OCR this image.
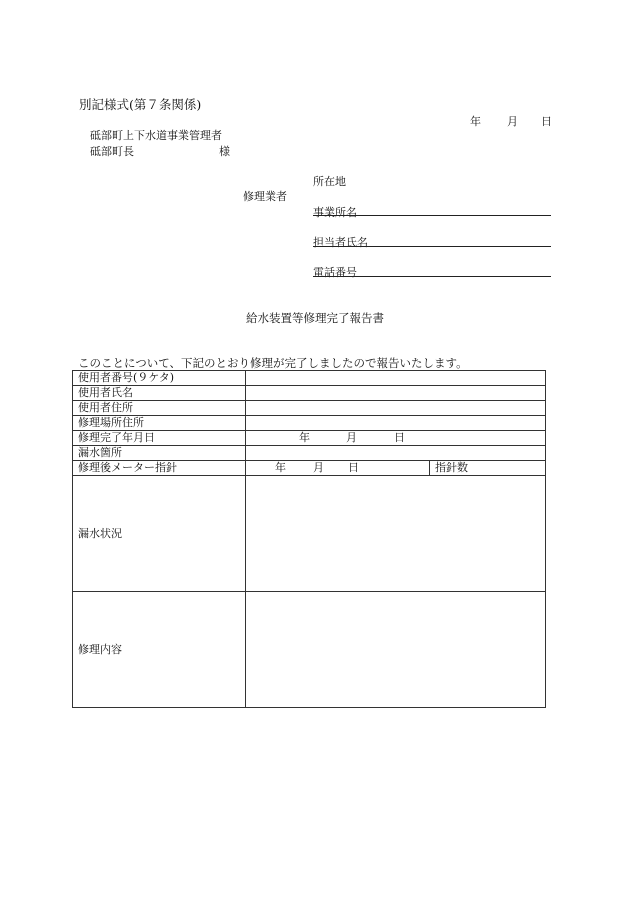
別記様式(第７条関係)
年 月 日
砥部町上下水道事業管理者
砥部町長	様
修理業者
所在地
事業所名
担当者氏名
電話番号
給水装置等修理完了報告書
このことについて、下記のとおり修理が完了しましたので報告いたします。
使用者番号(９ケタ)		
使用者氏名		
使用者住所		
修理場所住所		
修理完了年月日	年 月 日	

漏水箇所		
修理後メーター指針	年 月 日	指針数
漏水状況		
修理内容		
